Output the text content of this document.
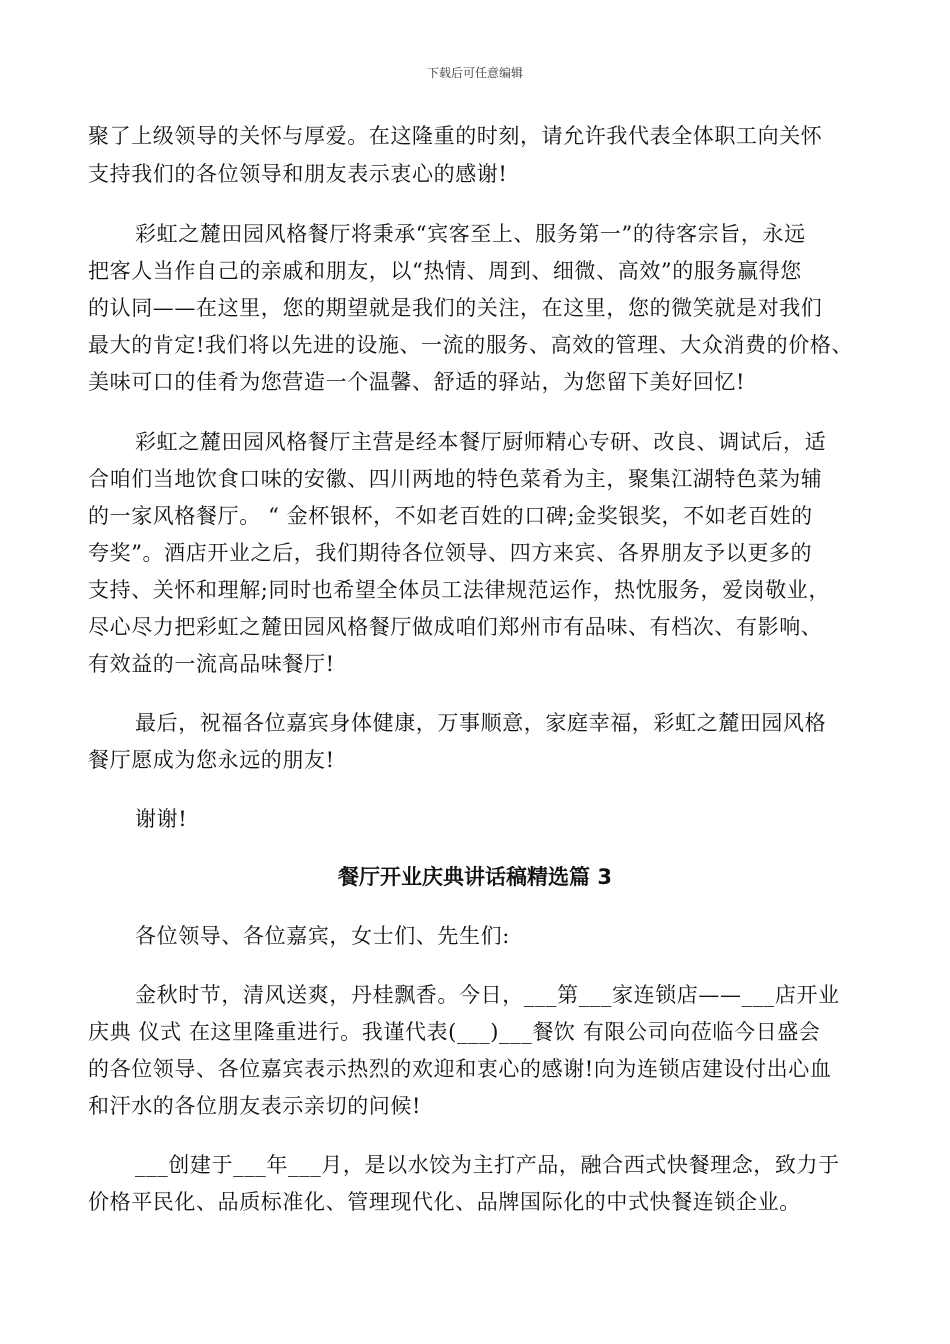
下载后可任意编辑
聚了上级领导的关怀与厚爱。在这隆重的时刻，请允许我代表全体职工向关怀
支持我们的各位领导和朋友表示衷心的感谢!
彩虹之麓田园风格餐厅将秉承“宾客至上、服务第一”的待客宗旨，永远
把客人当作自己的亲戚和朋友，以“热情、周到、细微、高效”的服务赢得您
的认同——在这里，您的期望就是我们的关注，在这里，您的微笑就是对我们
最大的肯定!我们将以先进的设施、一流的服务、高效的管理、大众消费的价格、
美味可口的佳肴为您营造一个温馨、舒适的驿站，为您留下美好回忆!
彩虹之麓田园风格餐厅主营是经本餐厅厨师精心专研、改良、调试后，适
合咱们当地饮食口味的安徽、四川两地的特色菜肴为主，聚集江湖特色菜为辅
的一家风格餐厅。 “ 金杯银杯，不如老百姓的口碑;金奖银奖，不如老百姓的
夸奖”。酒店开业之后，我们期待各位领导、四方来宾、各界朋友予以更多的
支持、关怀和理解;同时也希望全体员工法律规范运作，热忱服务，爱岗敬业，
尽心尽力把彩虹之麓田园风格餐厅做成咱们郑州市有品味、有档次、有影响、
有效益的一流高品味餐厅!
最后，祝福各位嘉宾身体健康，万事顺意，家庭幸福，彩虹之麓田园风格
餐厅愿成为您永远的朋友!
谢谢!
餐厅开业庆典讲话稿精选篇 3
各位领导、各位嘉宾，女士们、先生们:
金秋时节，清风送爽，丹桂飘香。今日，___第___家连锁店——___店开业
庆典 仪式 在这里隆重进行。我谨代表(___)___餐饮 有限公司向莅临今日盛会
的各位领导、各位嘉宾表示热烈的欢迎和衷心的感谢!向为连锁店建设付出心血
和汗水的各位朋友表示亲切的问候!
___创建于___年___月，是以水饺为主打产品，融合西式快餐理念，致力于
价格平民化、品质标准化、管理现代化、品牌国际化的中式快餐连锁企业。
